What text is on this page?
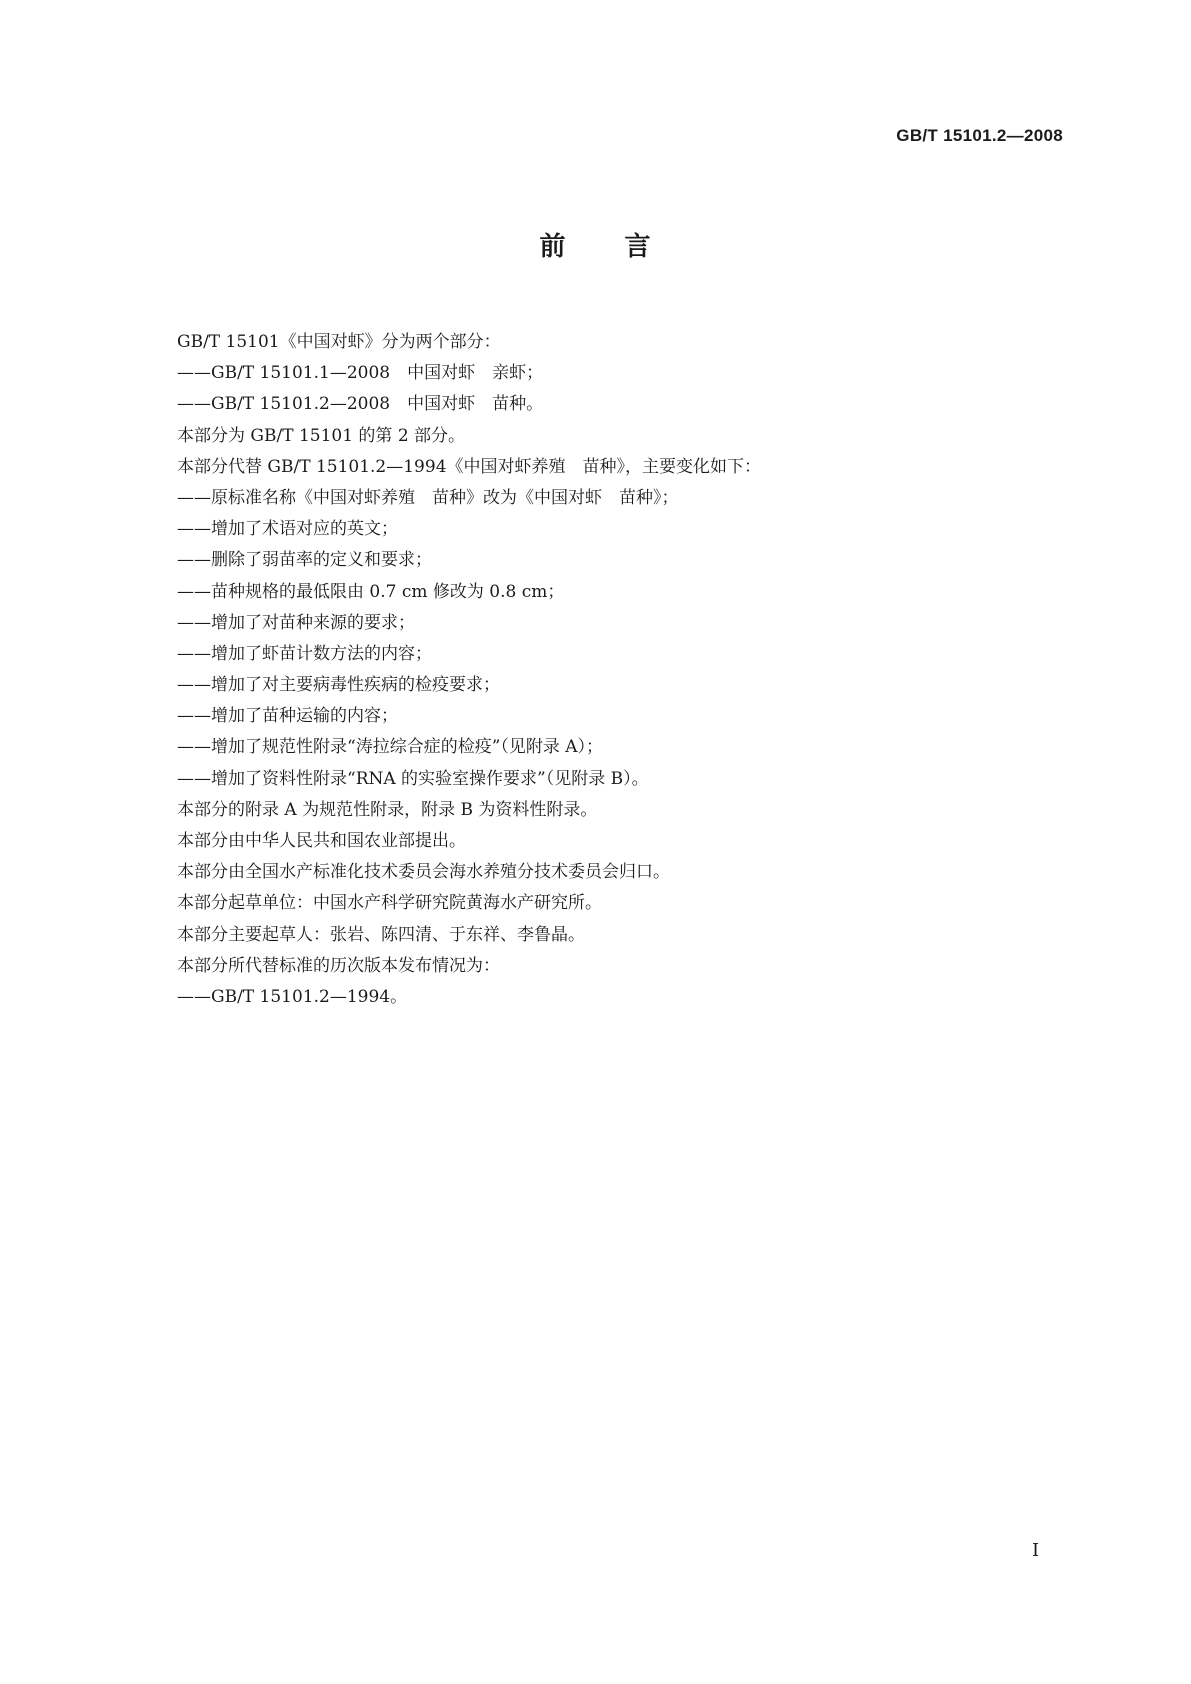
GB/T 15101.2—2008
前 言
GB/T 15101《中国对虾》分为两个部分：
——GB/T 15101.1—2008　中国对虾　亲虾；
——GB/T 15101.2—2008　中国对虾　苗种。
本部分为 GB/T 15101 的第 2 部分。
本部分代替 GB/T 15101.2—1994《中国对虾养殖　苗种》，主要变化如下：
——原标准名称《中国对虾养殖　苗种》改为《中国对虾　苗种》；
——增加了术语对应的英文；
——删除了弱苗率的定义和要求；
——苗种规格的最低限由 0.7 cm 修改为 0.8 cm；
——增加了对苗种来源的要求；
——增加了虾苗计数方法的内容；
——增加了对主要病毒性疾病的检疫要求；
——增加了苗种运输的内容；
——增加了规范性附录“涛拉综合症的检疫”（见附录 A）；
——增加了资料性附录“RNA 的实验室操作要求”（见附录 B）。
本部分的附录 A 为规范性附录，附录 B 为资料性附录。
本部分由中华人民共和国农业部提出。
本部分由全国水产标准化技术委员会海水养殖分技术委员会归口。
本部分起草单位：中国水产科学研究院黄海水产研究所。
本部分主要起草人：张岩、陈四清、于东祥、李鲁晶。
本部分所代替标准的历次版本发布情况为：
——GB/T 15101.2—1994。
I
